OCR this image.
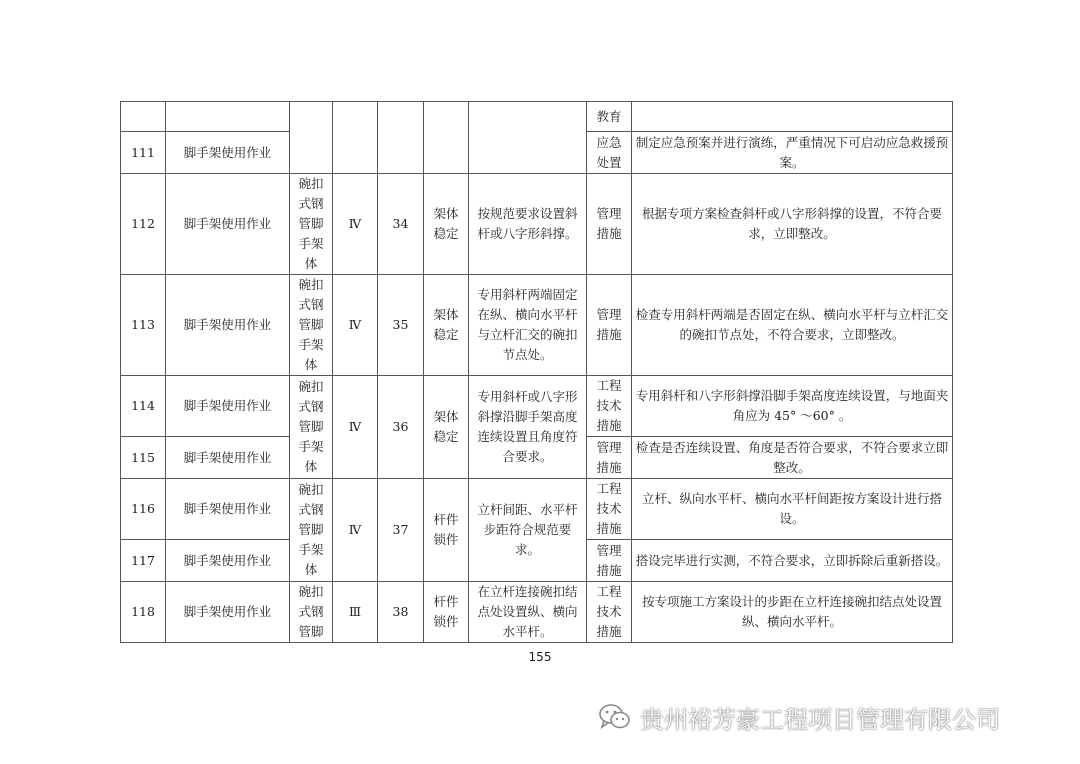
							教育	
111	脚手架使用作业						应急
处置	制定应急预案并进行演练，严重情况下可启动应急救援预案。
112	脚手架使用作业	碗扣
式钢
管脚
手架
体	Ⅳ	34	架体
稳定	按规范要求设置斜杆或八字形斜撑。	管理
措施	根据专项方案检查斜杆或八字形斜撑的设置，不符合要求，立即整改。
113	脚手架使用作业	碗扣
式钢
管脚
手架
体	Ⅳ	35	架体
稳定	专用斜杆两端固定在纵、横向水平杆与立杆汇交的碗扣节点处。	管理
措施	检查专用斜杆两端是否固定在纵、横向水平杆与立杆汇交的碗扣节点处，不符合要求，立即整改。
114	脚手架使用作业	碗扣
式钢
管脚
手架
体	Ⅳ	36	架体
稳定	专用斜杆或八字形斜撑沿脚手架高度连续设置且角度符合要求。	工程
技术
措施	专用斜杆和八字形斜撑沿脚手架高度连续设置，与地面夹角应为 45° ～60° 。
115	脚手架使用作业						管理
措施	检查是否连续设置、角度是否符合要求，不符合要求立即整改。
116	脚手架使用作业	碗扣
式钢
管脚
手架
体	Ⅳ	37	杆件
锁件	立杆间距、水平杆步距符合规范要求。	工程
技术
措施	立杆、纵向水平杆、横向水平杆间距按方案设计进行搭设。
117	脚手架使用作业						管理
措施	搭设完毕进行实测，不符合要求，立即拆除后重新搭设。
118	脚手架使用作业	碗扣
式钢
管脚	Ⅲ	38	杆件
锁件	在立杆连接碗扣结点处设置纵、横向水平杆。	工程
技术
措施	按专项施工方案设计的步距在立杆连接碗扣结点处设置纵、横向水平杆。
155
贵州裕芳豪工程项目管理有限公司
